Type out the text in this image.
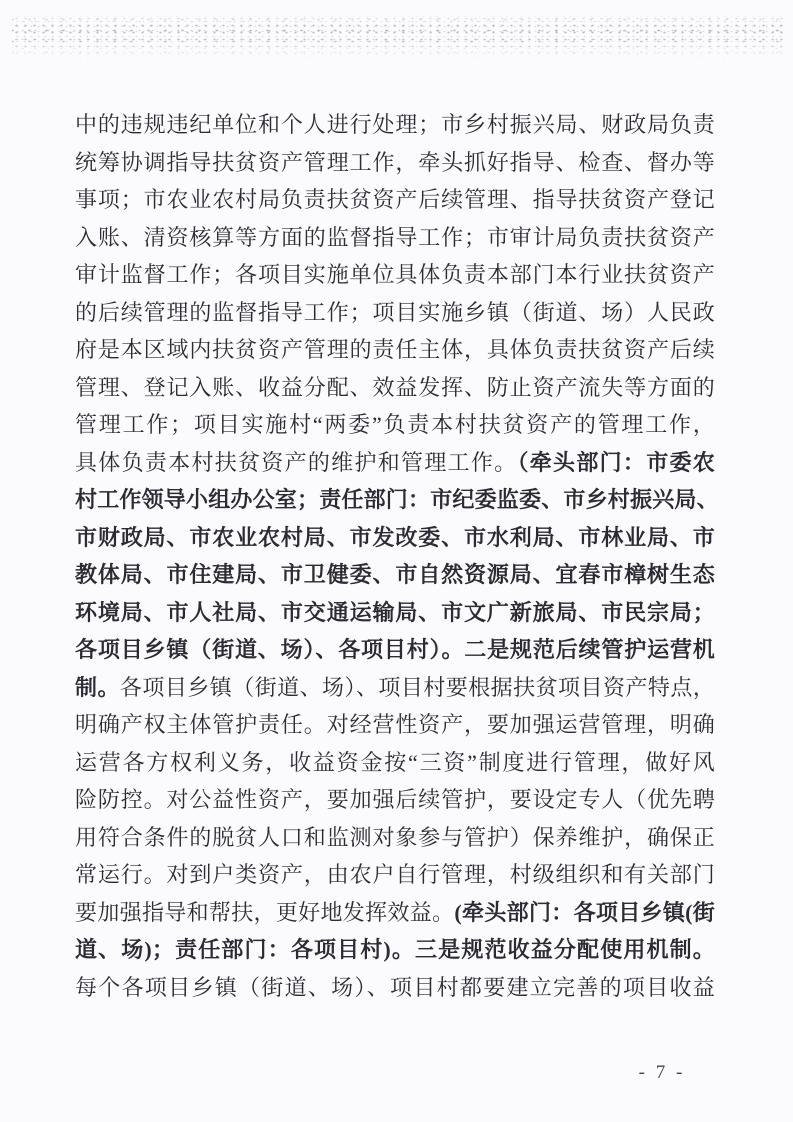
中的违规违纪单位和个人进行处理；市乡村振兴局、财政局负责
统筹协调指导扶贫资产管理工作，牵头抓好指导、检查、督办等
事项；市农业农村局负责扶贫资产后续管理、指导扶贫资产登记
入账、清资核算等方面的监督指导工作；市审计局负责扶贫资产
审计监督工作；各项目实施单位具体负责本部门本行业扶贫资产
的后续管理的监督指导工作；项目实施乡镇（街道、场）人民政
府是本区域内扶贫资产管理的责任主体，具体负责扶贫资产后续
管理、登记入账、收益分配、效益发挥、防止资产流失等方面的
管理工作；项目实施村“两委”负责本村扶贫资产的管理工作，
具体负责本村扶贫资产的维护和管理工作。（牵头部门：市委农
村工作领导小组办公室；责任部门：市纪委监委、市乡村振兴局、
市财政局、市农业农村局、市发改委、市水利局、市林业局、市
教体局、市住建局、市卫健委、市自然资源局、宜春市樟树生态
环境局、市人社局、市交通运输局、市文广新旅局、市民宗局；
各项目乡镇（街道、场）、各项目村）。二是规范后续管护运营机
制。各项目乡镇（街道、场）、项目村要根据扶贫项目资产特点，
明确产权主体管护责任。对经营性资产，要加强运营管理，明确
运营各方权利义务，收益资金按“三资”制度进行管理，做好风
险防控。对公益性资产，要加强后续管护，要设定专人（优先聘
用符合条件的脱贫人口和监测对象参与管护）保养维护，确保正
常运行。对到户类资产，由农户自行管理，村级组织和有关部门
要加强指导和帮扶，更好地发挥效益。(牵头部门：各项目乡镇(街
道、场)；责任部门：各项目村)。三是规范收益分配使用机制。
每个各项目乡镇（街道、场）、项目村都要建立完善的项目收益
- 7 -
